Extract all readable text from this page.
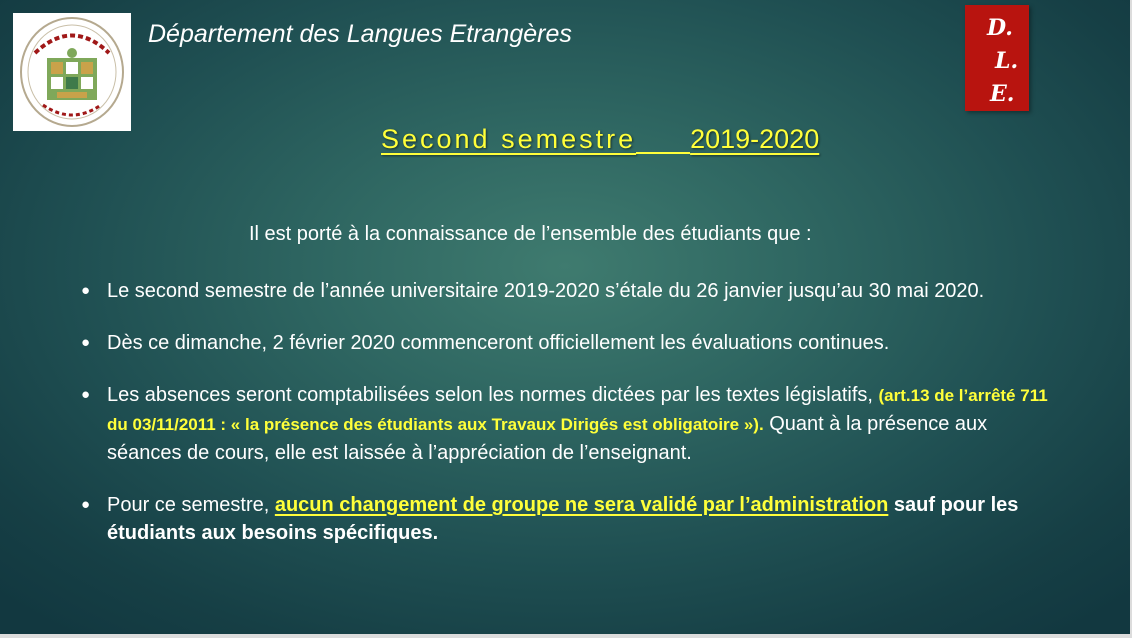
Département des Langues Etrangères	D.
L.
E.
Second semestre 2019-2020
Il est porté à la connaissance de l’ensemble des étudiants que :
● Le second semestre de l’année universitaire 2019-2020 s’étale du 26 janvier jusqu’au 30 mai 2020.
● Dès ce dimanche, 2 février 2020 commenceront officiellement les évaluations continues.
● Les absences seront comptabilisées selon les normes dictées par les textes législatifs, (art.13 de l’arrêté 711 du 03/11/2011 : « la présence des étudiants aux Travaux Dirigés est obligatoire »). Quant à la présence aux séances de cours, elle est laissée à l’appréciation de l’enseignant.
● Pour ce semestre, aucun changement de groupe ne sera validé par l’administration sauf pour les étudiants aux besoins spécifiques.
